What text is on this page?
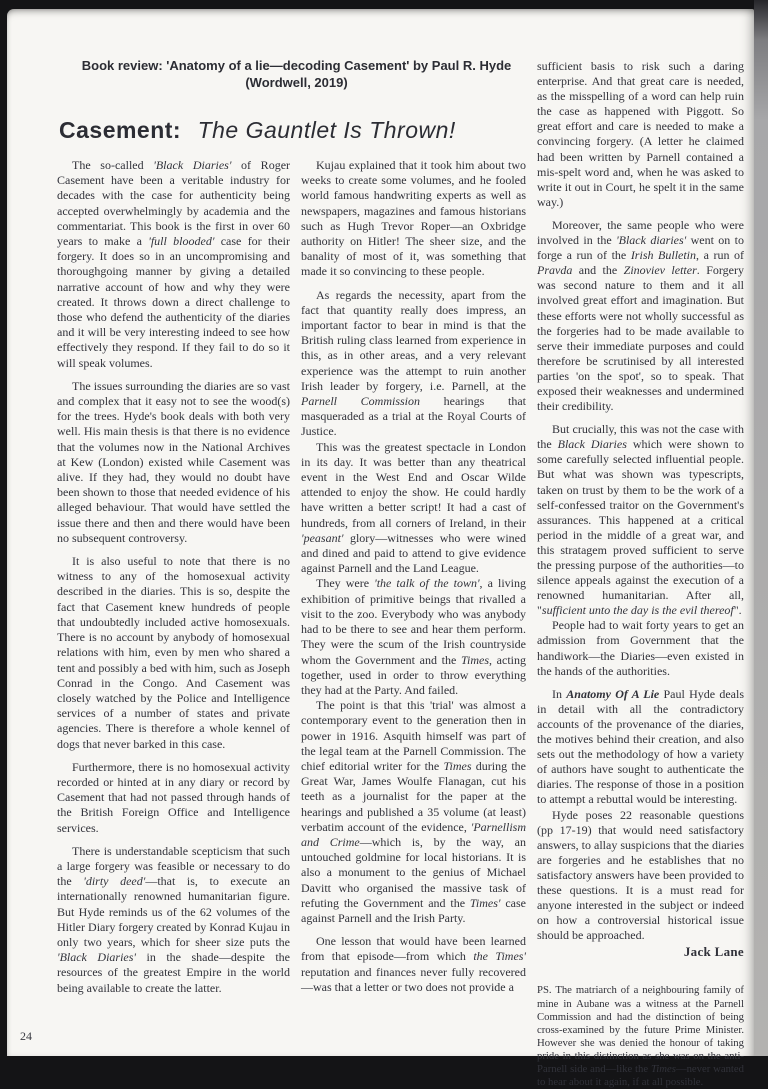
Book review: 'Anatomy of a lie—decoding Casement' by Paul R. Hyde
(Wordwell, 2019)
Casement: The Gauntlet Is Thrown!
The so-called 'Black Diaries' of Roger Casement have been a veritable industry for decades with the case for authenticity being accepted overwhelmingly by academia and the commentariat. This book is the first in over 60 years to make a 'full blooded' case for their forgery. It does so in an uncompromising and thoroughgoing manner by giving a detailed narrative account of how and why they were created. It throws down a direct challenge to those who defend the authenticity of the diaries and it will be very interesting indeed to see how effectively they respond. If they fail to do so it will speak volumes.
The issues surrounding the diaries are so vast and complex that it easy not to see the wood(s) for the trees. Hyde's book deals with both very well. His main thesis is that there is no evidence that the volumes now in the National Archives at Kew (London) existed while Casement was alive. If they had, they would no doubt have been shown to those that needed evidence of his alleged behaviour. That would have settled the issue there and then and there would have been no subsequent controversy.
It is also useful to note that there is no witness to any of the homosexual activity described in the diaries. This is so, despite the fact that Casement knew hundreds of people that undoubtedly included active homosexuals. There is no account by anybody of homosexual relations with him, even by men who shared a tent and possibly a bed with him, such as Joseph Conrad in the Congo. And Casement was closely watched by the Police and Intelligence services of a number of states and private agencies. There is therefore a whole kennel of dogs that never barked in this case.
Furthermore, there is no homosexual activity recorded or hinted at in any diary or record by Casement that had not passed through hands of the British Foreign Office and Intelligence services.
There is understandable scepticism that such a large forgery was feasible or necessary to do the 'dirty deed'—that is, to execute an internationally renowned humanitarian figure. But Hyde reminds us of the 62 volumes of the Hitler Diary forgery created by Konrad Kujau in only two years, which for sheer size puts the 'Black Diaries' in the shade—despite the resources of the greatest Empire in the world being available to create the latter.
Kujau explained that it took him about two weeks to create some volumes, and he fooled world famous handwriting experts as well as newspapers, magazines and famous historians such as Hugh Trevor Roper—an Oxbridge authority on Hitler! The sheer size, and the banality of most of it, was something that made it so convincing to these people.
As regards the necessity, apart from the fact that quantity really does impress, an important factor to bear in mind is that the British ruling class learned from experience in this, as in other areas, and a very relevant experience was the attempt to ruin another Irish leader by forgery, i.e. Parnell, at the Parnell Commission hearings that masqueraded as a trial at the Royal Courts of Justice.
This was the greatest spectacle in London in its day. It was better than any theatrical event in the West End and Oscar Wilde attended to enjoy the show. He could hardly have written a better script! It had a cast of hundreds, from all corners of Ireland, in their 'peasant' glory—witnesses who were wined and dined and paid to attend to give evidence against Parnell and the Land League.
They were 'the talk of the town', a living exhibition of primitive beings that rivalled a visit to the zoo. Everybody who was anybody had to be there to see and hear them perform. They were the scum of the Irish countryside whom the Government and the Times, acting together, used in order to throw everything they had at the Party. And failed.
The point is that this 'trial' was almost a contemporary event to the generation then in power in 1916. Asquith himself was part of the legal team at the Parnell Commission. The chief editorial writer for the Times during the Great War, James Woulfe Flanagan, cut his teeth as a journalist for the paper at the hearings and published a 35 volume (at least) verbatim account of the evidence, 'Parnellism and Crime—which is, by the way, an untouched goldmine for local historians. It is also a monument to the genius of Michael Davitt who organised the massive task of refuting the Government and the Times' case against Parnell and the Irish Party.
One lesson that would have been learned from that episode—from which the Times' reputation and finances never fully recovered —was that a letter or two does not provide a
sufficient basis to risk such a daring enterprise. And that great care is needed, as the misspelling of a word can help ruin the case as happened with Piggott. So great effort and care is needed to make a convincing forgery. (A letter he claimed had been written by Parnell contained a mis-spelt word and, when he was asked to write it out in Court, he spelt it in the same way.)
Moreover, the same people who were involved in the 'Black diaries' went on to forge a run of the Irish Bulletin, a run of Pravda and the Zinoviev letter. Forgery was second nature to them and it all involved great effort and imagination. But these efforts were not wholly successful as the forgeries had to be made available to serve their immediate purposes and could therefore be scrutinised by all interested parties 'on the spot', so to speak. That exposed their weaknesses and undermined their credibility.
But crucially, this was not the case with the Black Diaries which were shown to some carefully selected influential people. But what was shown was typescripts, taken on trust by them to be the work of a self-confessed traitor on the Government's assurances. This happened at a critical period in the middle of a great war, and this stratagem proved sufficient to serve the pressing purpose of the authorities—to silence appeals against the execution of a renowned humanitarian. After all, "sufficient unto the day is the evil thereof".
People had to wait forty years to get an admission from Government that the handiwork—the Diaries—even existed in the hands of the authorities.
In Anatomy Of A Lie Paul Hyde deals in detail with all the contradictory accounts of the provenance of the diaries, the motives behind their creation, and also sets out the methodology of how a variety of authors have sought to authenticate the diaries. The response of those in a position to attempt a rebuttal would be interesting.
Hyde poses 22 reasonable questions (pp 17-19) that would need satisfactory answers, to allay suspicions that the diaries are forgeries and he establishes that no satisfactory answers have been provided to these questions. It is a must read for anyone interested in the subject or indeed on how a controversial historical issue should be approached.
Jack Lane
PS. The matriarch of a neighbouring family of mine in Aubane was a witness at the Parnell Commission and had the distinction of being cross-examined by the future Prime Minister. However she was denied the honour of taking pride in this distinction as she was on the anti-Parnell side and—like the Times—never wanted to hear about it again, if at all possible.
24
